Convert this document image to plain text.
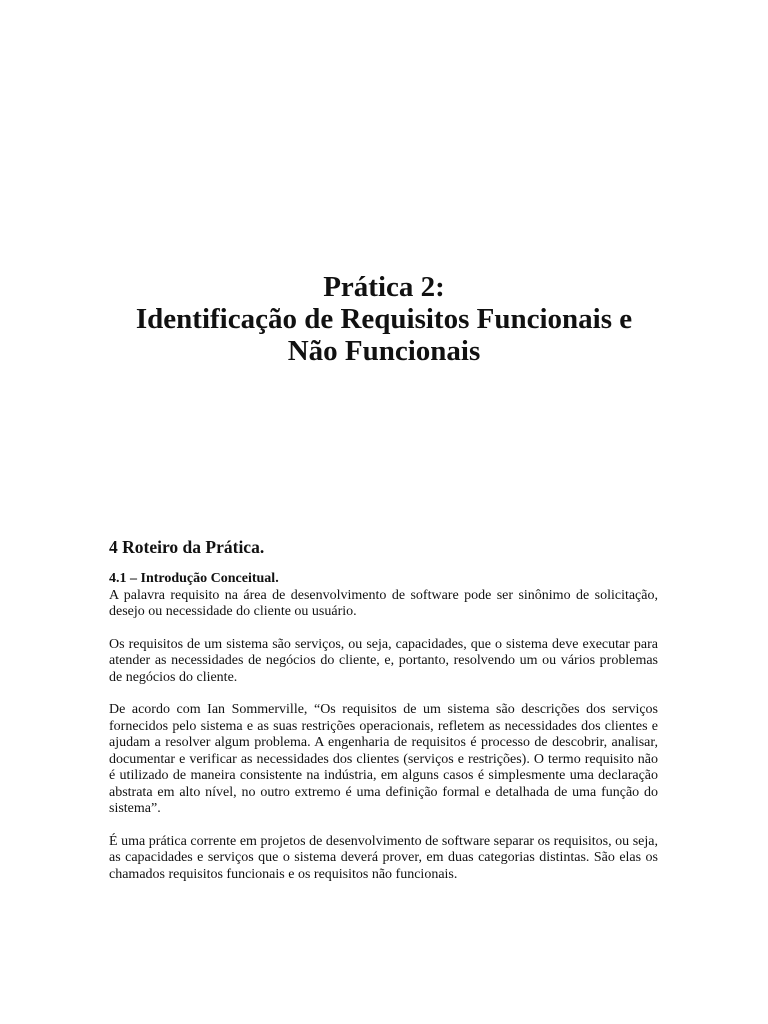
Prática 2:
Identificação de Requisitos Funcionais e
Não Funcionais
4 Roteiro da Prática.
4.1 – Introdução Conceitual.

A palavra requisito na área de desenvolvimento de software pode ser sinônimo de solicitação, desejo ou necessidade do cliente ou usuário.

Os requisitos de um sistema são serviços, ou seja, capacidades, que o sistema deve executar para atender as necessidades de negócios do cliente, e, portanto, resolvendo um ou vários problemas de negócios do cliente.

De acordo com Ian Sommerville, “Os requisitos de um sistema são descrições dos serviços fornecidos pelo sistema e as suas restrições operacionais, refletem as necessidades dos clientes e ajudam a resolver algum problema. A engenharia de requisitos é processo de descobrir, analisar, documentar e verificar as necessidades dos clientes (serviços e restrições). O termo requisito não é utilizado de maneira consistente na indústria, em alguns casos é simplesmente uma declaração abstrata em alto nível, no outro extremo é uma definição formal e detalhada de uma função do sistema”.

É uma prática corrente em projetos de desenvolvimento de software separar os requisitos, ou seja, as capacidades e serviços que o sistema deverá prover, em duas categorias distintas. São elas os chamados requisitos funcionais e os requisitos não funcionais.
